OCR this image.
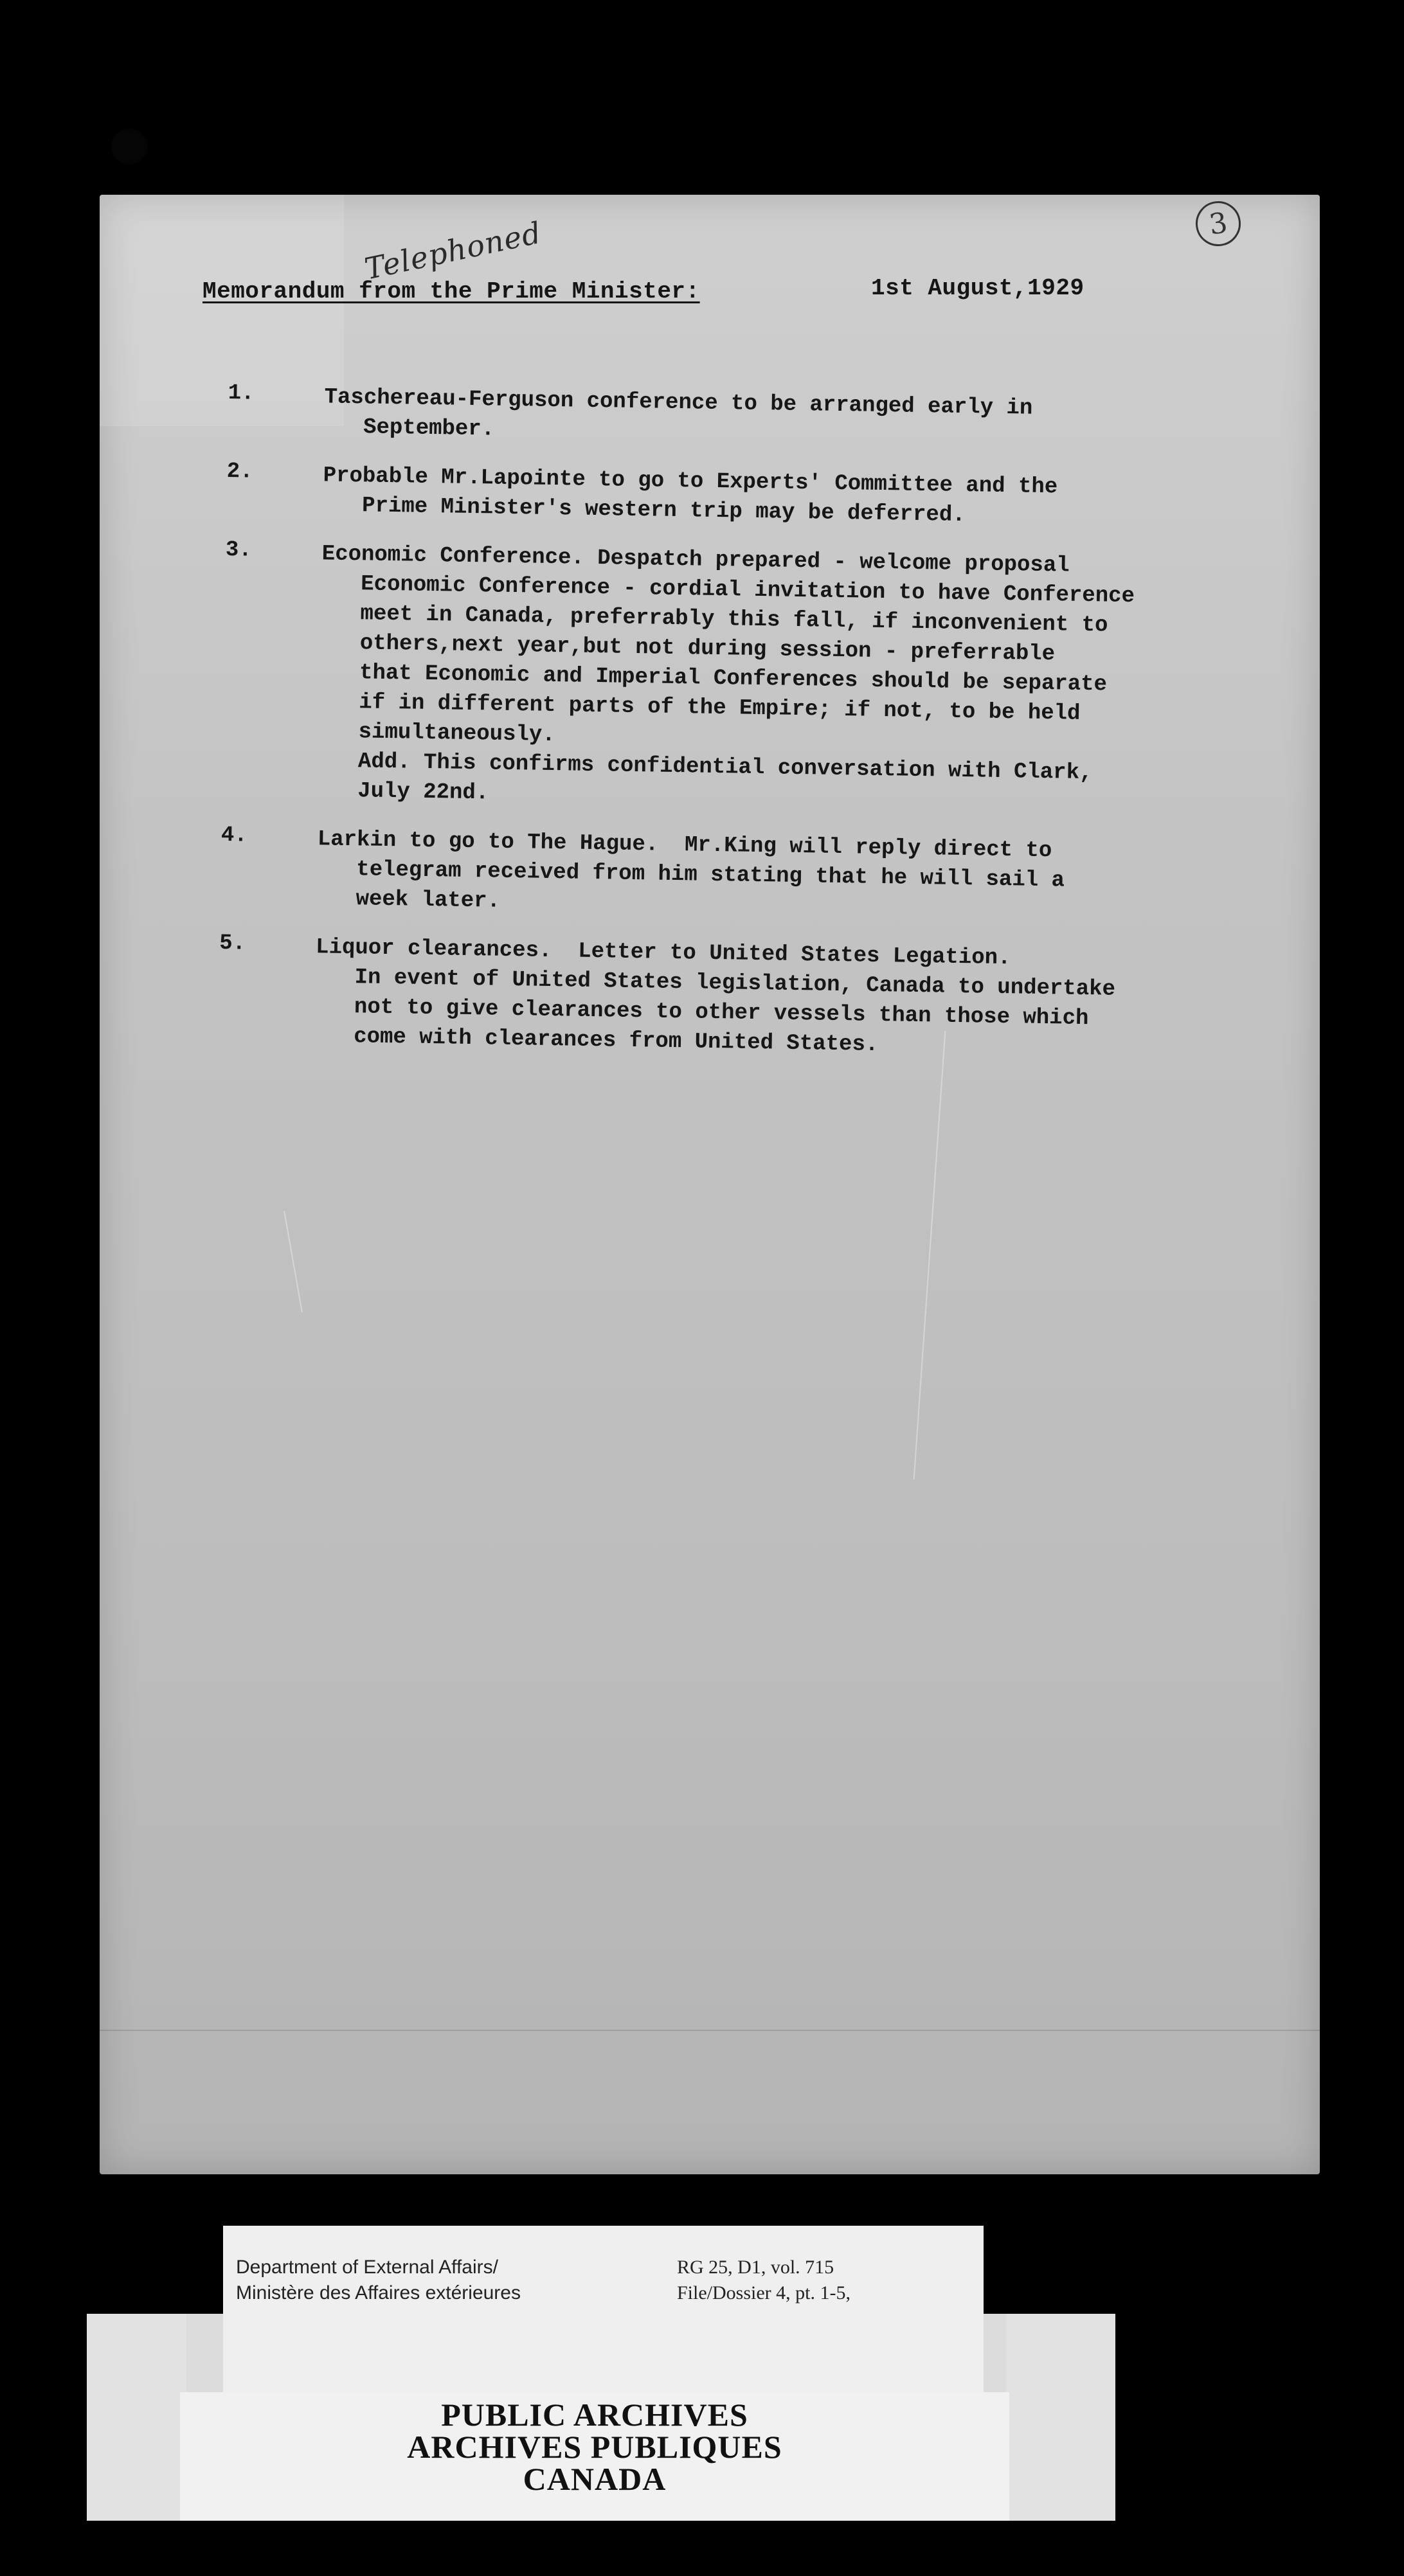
3
Telephoned
Memorandum from the Prime Minister:	1st August,1929
1.	Taschereau-Ferguson conference to be arranged early in
September.
2.	Probable Mr.Lapointe to go to Experts' Committee and the
Prime Minister's western trip may be deferred.
3.	Economic Conference. Despatch prepared - welcome proposal
Economic Conference - cordial invitation to have Conference
meet in Canada, preferrably this fall, if inconvenient to
others,next year,but not during session - preferrable
that Economic and Imperial Conferences should be separate
if in different parts of the Empire; if not, to be held
simultaneously.
Add. This confirms confidential conversation with Clark,
July 22nd.
4.	Larkin to go to The Hague.  Mr.King will reply direct to
telegram received from him stating that he will sail a
week later.
5.	Liquor clearances.  Letter to United States Legation.
In event of United States legislation, Canada to undertake
not to give clearances to other vessels than those which
come with clearances from United States.
Department of External Affairs/
Ministère des Affaires extérieures
RG 25, D1, vol. 715
File/Dossier 4, pt. 1-5,
PUBLIC ARCHIVES
ARCHIVES PUBLIQUES
CANADA
